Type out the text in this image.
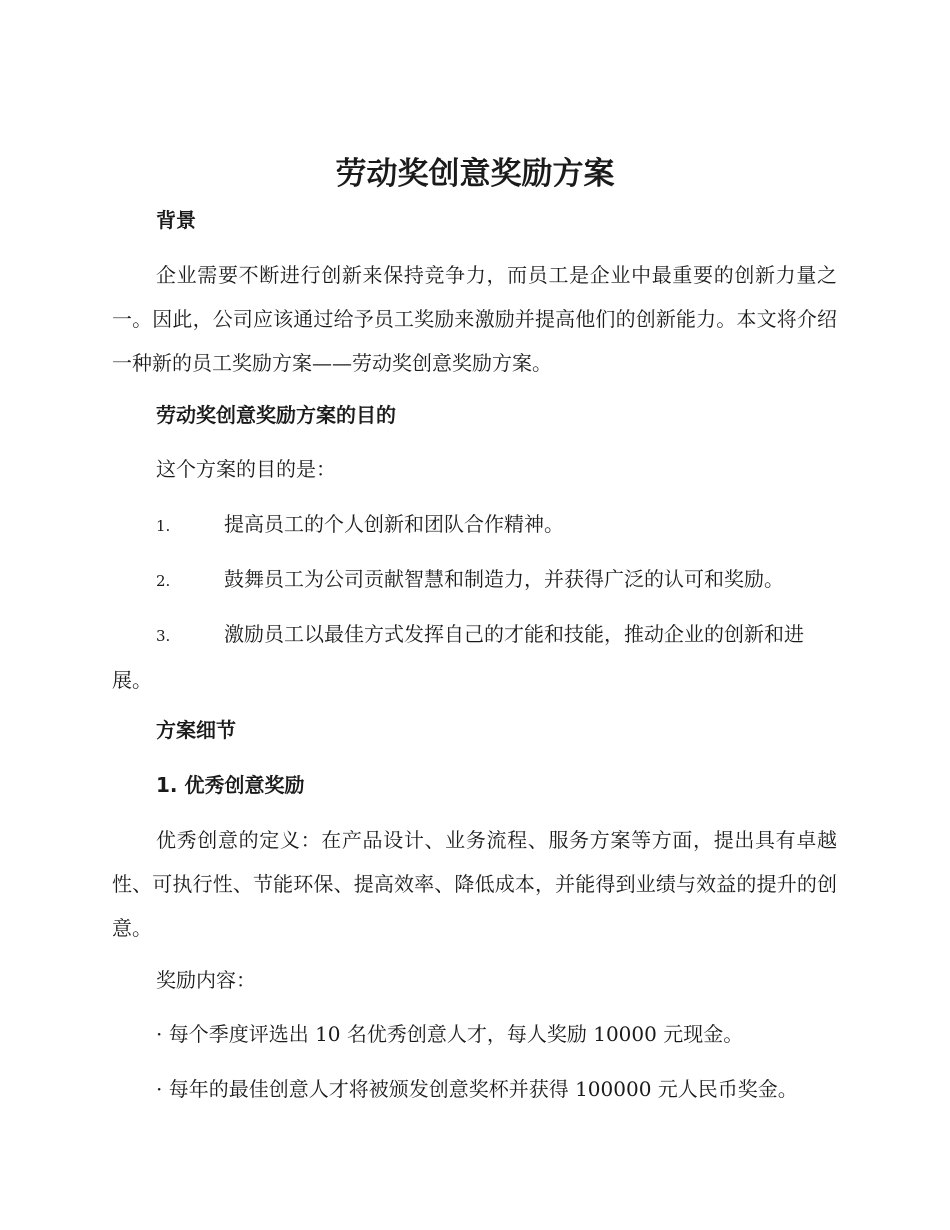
劳动奖创意奖励方案
背景

企业需要不断进行创新来保持竞争力，而员工是企业中最重要的创新力量之一。因此，公司应该通过给予员工奖励来激励并提高他们的创新能力。本文将介绍一种新的员工奖励方案——劳动奖创意奖励方案。

劳动奖创意奖励方案的目的

这个方案的目的是：

1.	提高员工的个人创新和团队合作精神。

2.	鼓舞员工为公司贡献智慧和制造力，并获得广泛的认可和奖励。

3.	激励员工以最佳方式发挥自己的才能和技能，推动企业的创新和进展。

方案细节
1. 优秀创意奖励

优秀创意的定义：在产品设计、业务流程、服务方案等方面，提出具有卓越性、可执行性、节能环保、提高效率、降低成本，并能得到业绩与效益的提升的创意。

奖励内容：

· 每个季度评选出 10 名优秀创意人才，每人奖励 10000 元现金。

· 每年的最佳创意人才将被颁发创意奖杯并获得 100000 元人民币奖金。
